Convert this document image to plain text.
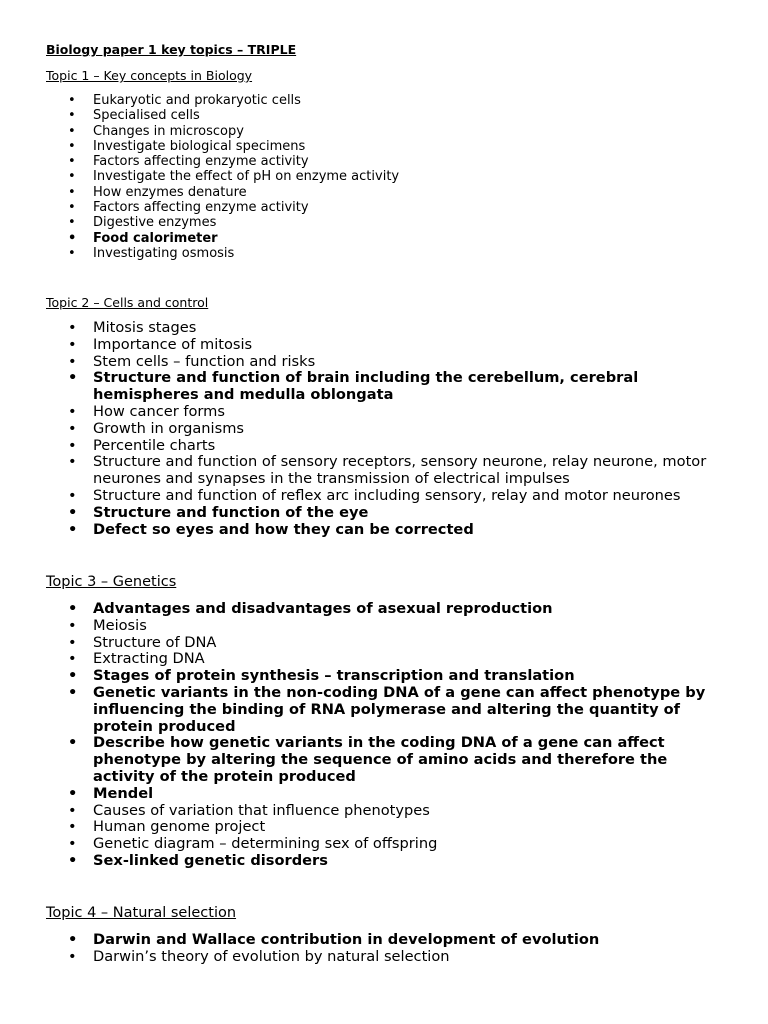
Biology paper 1 key topics – TRIPLE
Topic 1 – Key concepts in Biology
• Eukaryotic and prokaryotic cells
• Specialised cells
• Changes in microscopy
• Investigate biological specimens
• Factors affecting enzyme activity
• Investigate the effect of pH on enzyme activity
• How enzymes denature
• Factors affecting enzyme activity
• Digestive enzymes
• Food calorimeter
• Investigating osmosis
Topic 2 – Cells and control
• Mitosis stages
• Importance of mitosis
• Stem cells – function and risks
• Structure and function of brain including the cerebellum, cerebral hemispheres and medulla oblongata
• How cancer forms
• Growth in organisms
• Percentile charts
• Structure and function of sensory receptors, sensory neurone, relay neurone, motor neurones and synapses in the transmission of electrical impulses
• Structure and function of reflex arc including sensory, relay and motor neurones
• Structure and function of the eye
• Defect so eyes and how they can be corrected
Topic 3 – Genetics
• Advantages and disadvantages of asexual reproduction
• Meiosis
• Structure of DNA
• Extracting DNA
• Stages of protein synthesis – transcription and translation
• Genetic variants in the non-coding DNA of a gene can affect phenotype by influencing the binding of RNA polymerase and altering the quantity of protein produced
• Describe how genetic variants in the coding DNA of a gene can affect phenotype by altering the sequence of amino acids and therefore the activity of the protein produced
• Mendel
• Causes of variation that influence phenotypes
• Human genome project
• Genetic diagram – determining sex of offspring
• Sex-linked genetic disorders
Topic 4 – Natural selection
• Darwin and Wallace contribution in development of evolution
• Darwin’s theory of evolution by natural selection
